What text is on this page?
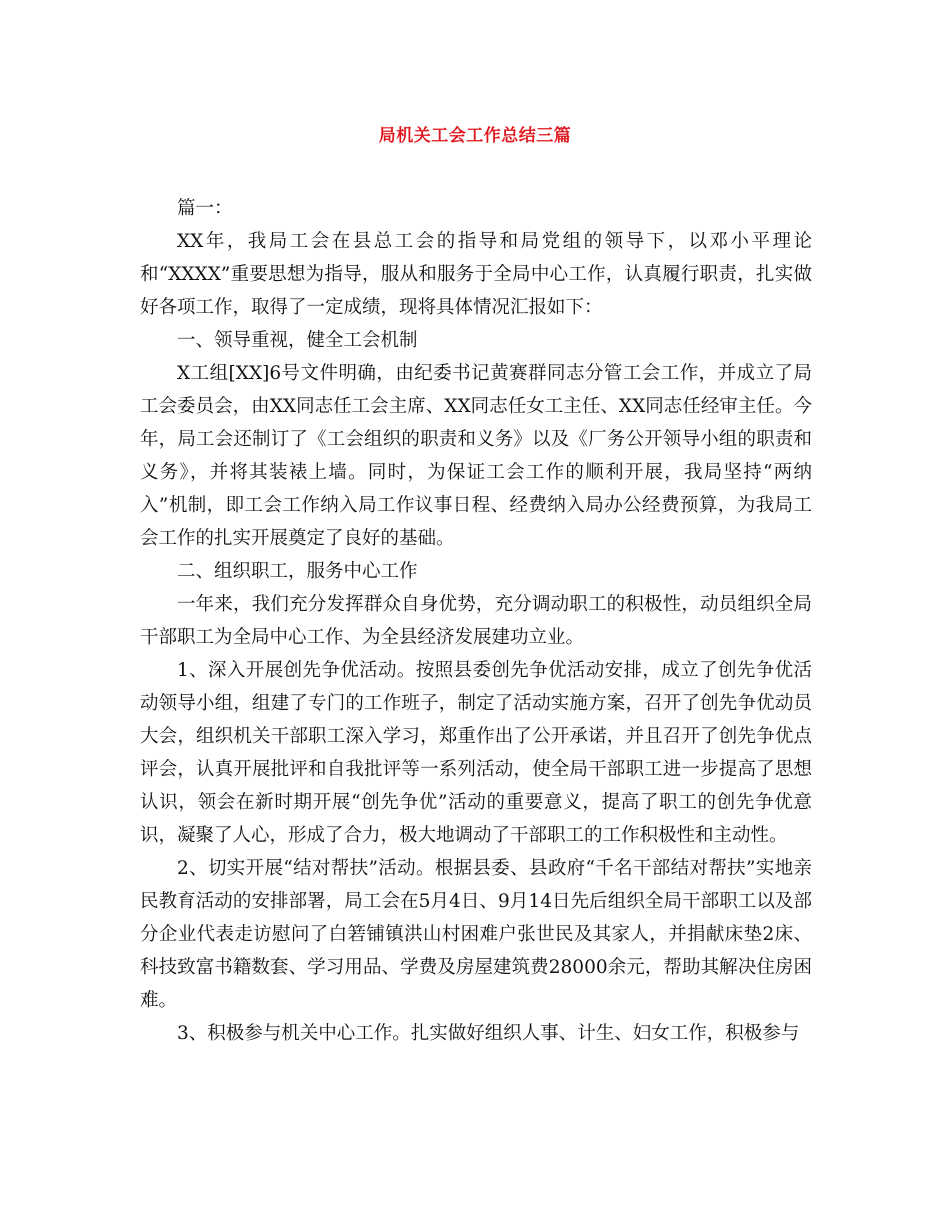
局机关工会工作总结三篇

篇一：

XX年，我局工会在县总工会的指导和局党组的领导下，以邓小平理论和“XXXX”重要思想为指导，服从和服务于全局中心工作，认真履行职责，扎实做好各项工作，取得了一定成绩，现将具体情况汇报如下：

一、领导重视，健全工会机制

X工组[XX]6号文件明确，由纪委书记黄赛群同志分管工会工作，并成立了局工会委员会，由XX同志任工会主席、XX同志任女工主任、XX同志任经审主任。今年，局工会还制订了《工会组织的职责和义务》以及《厂务公开领导小组的职责和义务》，并将其装裱上墙。同时，为保证工会工作的顺利开展，我局坚持“两纳入”机制，即工会工作纳入局工作议事日程、经费纳入局办公经费预算，为我局工会工作的扎实开展奠定了良好的基础。

二、组织职工，服务中心工作

一年来，我们充分发挥群众自身优势，充分调动职工的积极性，动员组织全局干部职工为全局中心工作、为全县经济发展建功立业。

1、深入开展创先争优活动。按照县委创先争优活动安排，成立了创先争优活动领导小组，组建了专门的工作班子，制定了活动实施方案，召开了创先争优动员大会，组织机关干部职工深入学习，郑重作出了公开承诺，并且召开了创先争优点评会，认真开展批评和自我批评等一系列活动，使全局干部职工进一步提高了思想认识，领会在新时期开展“创先争优”活动的重要意义，提高了职工的创先争优意识，凝聚了人心，形成了合力，极大地调动了干部职工的工作积极性和主动性。

2、切实开展“结对帮扶”活动。根据县委、县政府“千名干部结对帮扶”实地亲民教育活动的安排部署，局工会在5月4日、9月14日先后组织全局干部职工以及部分企业代表走访慰问了白箬铺镇洪山村困难户张世民及其家人，并捐献床垫2床、科技致富书籍数套、学习用品、学费及房屋建筑费28000余元，帮助其解决住房困难。

3、积极参与机关中心工作。扎实做好组织人事、计生、妇女工作，积极参与
